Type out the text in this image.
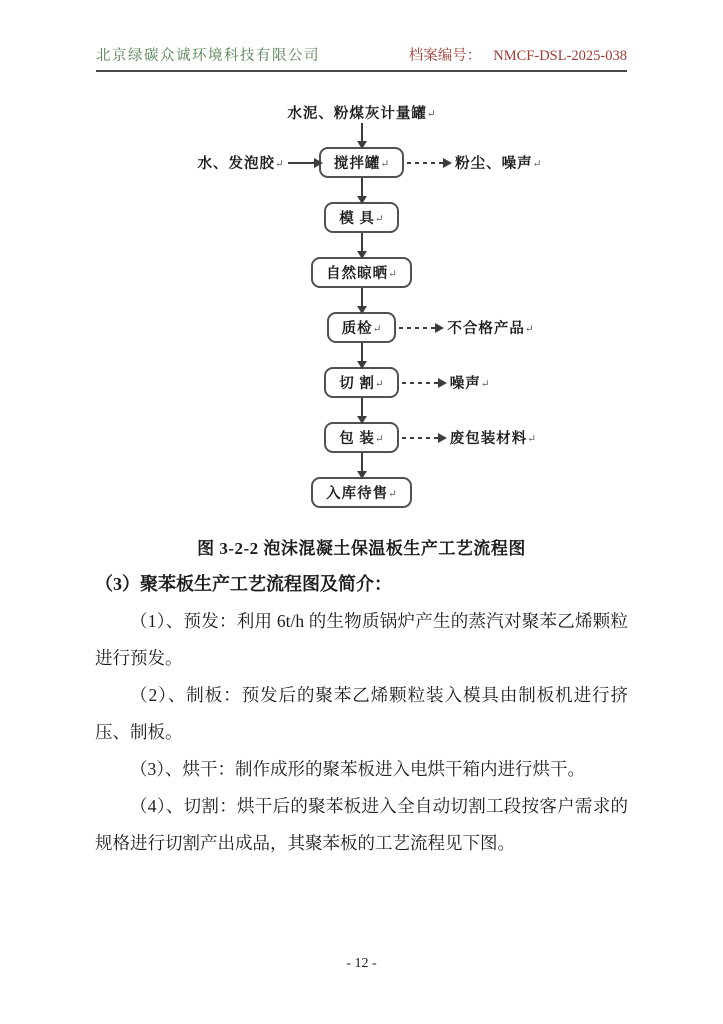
北京绿碳众诚环境科技有限公司	档案编号： NMCF-DSL-2025-038
水泥、粉煤灰计量罐↵
水、发泡胶↵	搅拌罐↵	粉尘、噪声↵
模 具↵
自然晾晒↵
质检↵	不合格产品↵
切 割↵	噪声↵
包 装↵	废包装材料↵
入库待售↵
图 3-2-2 泡沫混凝土保温板生产工艺流程图

（3）聚苯板生产工艺流程图及简介：

（1）、预发：利用 6t/h 的生物质锅炉产生的蒸汽对聚苯乙烯颗粒进行预发。

（2）、制板：预发后的聚苯乙烯颗粒装入模具由制板机进行挤压、制板。

（3）、烘干：制作成形的聚苯板进入电烘干箱内进行烘干。

（4）、切割：烘干后的聚苯板进入全自动切割工段按客户需求的规格进行切割产出成品，其聚苯板的工艺流程见下图。

- 12 -
